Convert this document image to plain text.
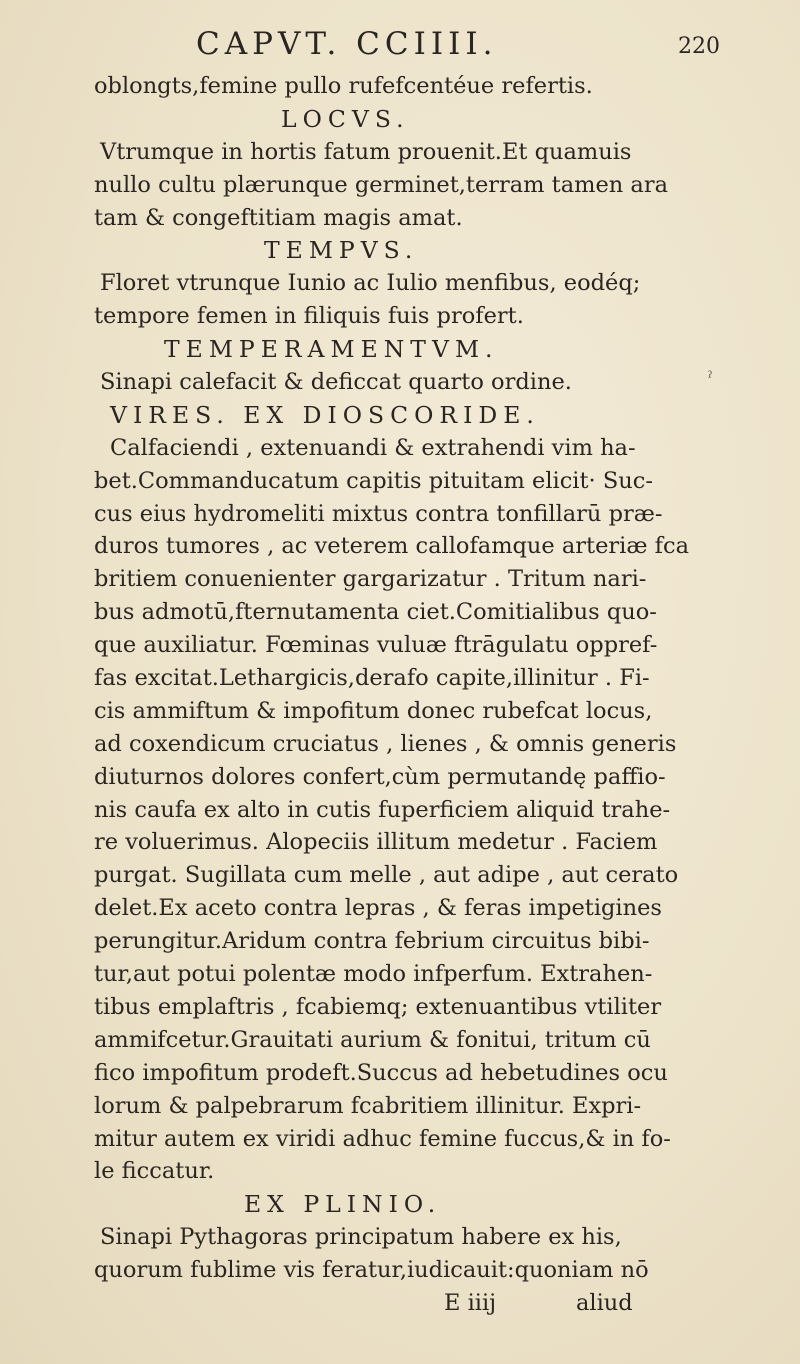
CAPVT. CCIIII.	220
oblongts,femine pullo rufefcentéue refertis.
LOCVS.
Vtrumque in hortis fatum prouenit.Et quamuis
nullo cultu plærunque germinet,terram tamen ara
tam & congeftitiam magis amat.
TEMPVS.
Floret vtrunque Iunio ac Iulio menfibus, eodéq;
tempore femen in filiquis fuis profert.
TEMPERAMENTVM.
Sinapi calefacit & deficcat quarto ordine.
VIRES. EX DIOSCORIDE.
Calfaciendi , extenuandi & extrahendi vim ha-
bet.Commanducatum capitis pituitam elicit· Suc-
cus eius hydromeliti mixtus contra tonfillarū præ-
duros tumores , ac veterem callofamque arteriæ fca
britiem conuenienter gargarizatur . Tritum nari-
bus admotū,fternutamenta ciet.Comitialibus quo-
que auxiliatur. Fœminas vuluæ ftrāgulatu oppref-
fas excitat.Lethargicis,derafo capite,illinitur . Fi-
cis ammiftum & impofitum donec rubefcat locus,
ad coxendicum cruciatus , lienes , & omnis generis
diuturnos dolores confert,cùm permutandę paffio-
nis caufa ex alto in cutis fuperficiem aliquid trahe-
re voluerimus. Alopeciis illitum medetur . Faciem
purgat. Sugillata cum melle , aut adipe , aut cerato
delet.Ex aceto contra lepras , & feras impetigines
perungitur.Aridum contra febrium circuitus bibi-
tur,aut potui polentæ modo infperfum. Extrahen-
tibus emplaftris , fcabiemq; extenuantibus vtiliter
ammifcetur.Grauitati aurium & fonitui, tritum cū
fico impofitum prodeft.Succus ad hebetudines ocu
lorum & palpebrarum fcabritiem illinitur. Expri-
mitur autem ex viridi adhuc femine fuccus,& in fo-
le ficcatur.
EX PLINIO.
Sinapi Pythagoras principatum habere ex his,
quorum fublime vis feratur,iudicauit:quoniam nō
E iiij	aliud
ˀ
